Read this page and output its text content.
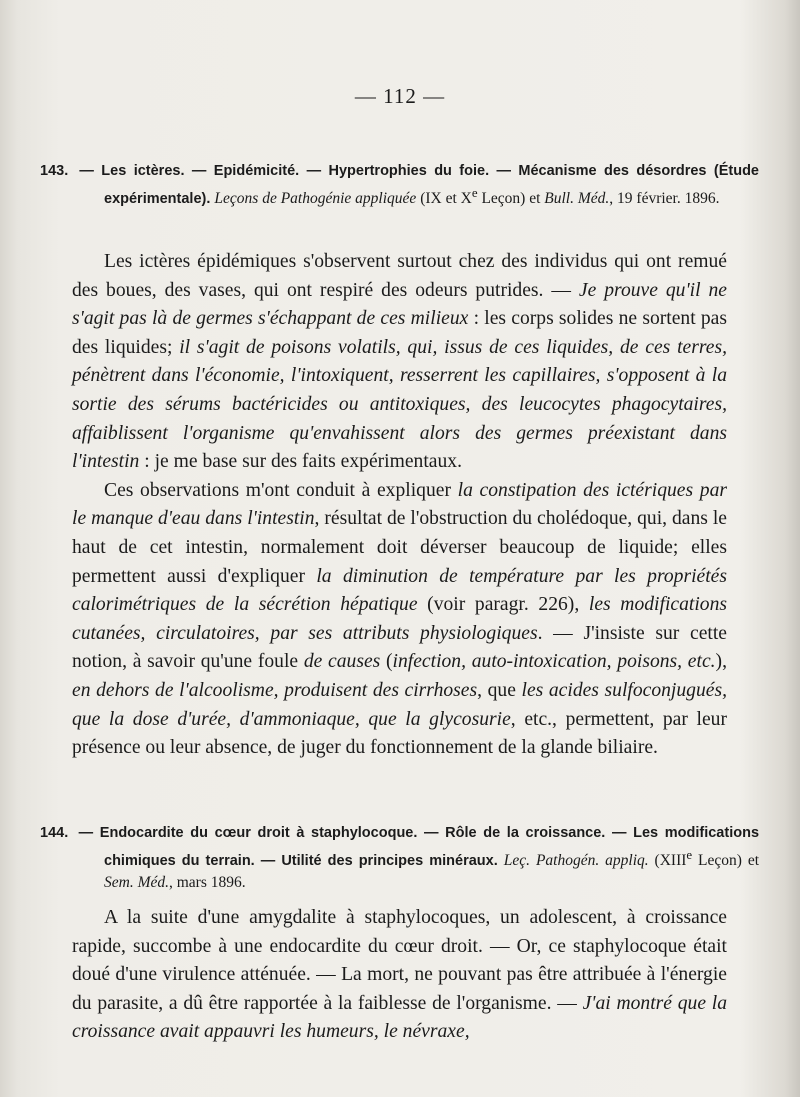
— 112 —
143. — Les ictères. — Epidémicité. — Hypertrophies du foie. — Mécanisme des désordres (Étude expérimentale). Leçons de Pathogénie appliquée (IX et Xe Leçon) et Bull. Méd., 19 février. 1896.

Les ictères épidémiques s'observent surtout chez des individus qui ont remué des boues, des vases, qui ont respiré des odeurs putrides. — Je prouve qu'il ne s'agit pas là de germes s'échappant de ces milieux : les corps solides ne sortent pas des liquides; il s'agit de poisons volatils, qui, issus de ces liquides, de ces terres, pénètrent dans l'économie, l'intoxiquent, resserrent les capillaires, s'opposent à la sortie des sérums bactéricides ou antitoxiques, des leucocytes phagocytaires, affaiblissent l'organisme qu'envahissent alors des germes préexistant dans l'intestin : je me base sur des faits expérimentaux.

Ces observations m'ont conduit à expliquer la constipation des ictériques par le manque d'eau dans l'intestin, résultat de l'obstruction du cholédoque, qui, dans le haut de cet intestin, normalement doit déverser beaucoup de liquide; elles permettent aussi d'expliquer la diminution de température par les propriétés calorimétriques de la sécrétion hépatique (voir paragr. 226), les modifications cutanées, circulatoires, par ses attributs physiologiques. — J'insiste sur cette notion, à savoir qu'une foule de causes (infection, auto-intoxication, poisons, etc.), en dehors de l'alcoolisme, produisent des cirrhoses, que les acides sulfoconjugués, que la dose d'urée, d'ammoniaque, que la glycosurie, etc., permettent, par leur présence ou leur absence, de juger du fonctionnement de la glande biliaire.

144. — Endocardite du cœur droit à staphylocoque. — Rôle de la croissance. — Les modifications chimiques du terrain. — Utilité des principes minéraux. Leç. Pathogén. appliq. (XIIIe Leçon) et Sem. Méd., mars 1896.

A la suite d'une amygdalite à staphylocoques, un adolescent, à croissance rapide, succombe à une endocardite du cœur droit. — Or, ce staphylocoque était doué d'une virulence atténuée. — La mort, ne pouvant pas être attribuée à l'énergie du parasite, a dû être rapportée à la faiblesse de l'organisme. — J'ai montré que la croissance avait appauvri les humeurs, le névraxe,
